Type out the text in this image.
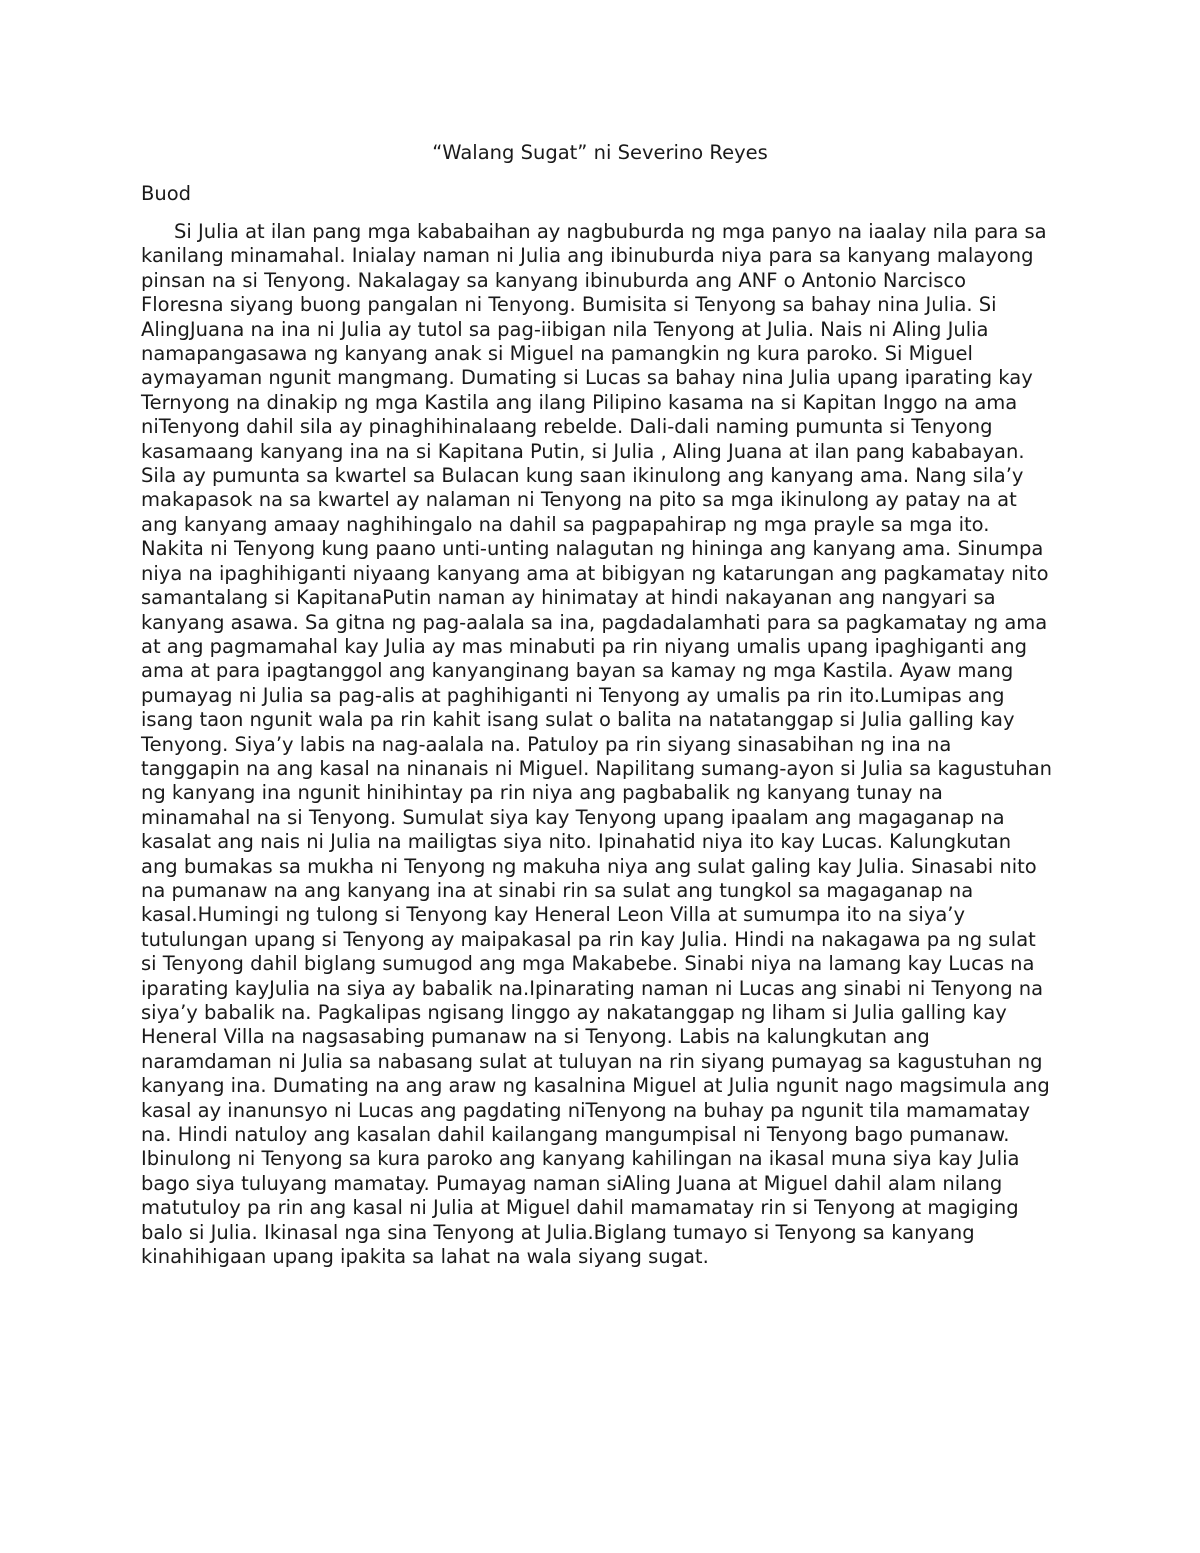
“Walang Sugat” ni Severino Reyes
Buod
Si Julia at ilan pang mga kababaihan ay nagbuburda ng mga panyo na iaalay nila para sa
kanilang minamahal. Inialay naman ni Julia ang ibinuburda niya para sa kanyang malayong
pinsan na si Tenyong. Nakalagay sa kanyang ibinuburda ang ANF o Antonio Narcisco
Floresna siyang buong pangalan ni Tenyong. Bumisita si Tenyong sa bahay nina Julia. Si
AlingJuana na ina ni Julia ay tutol sa pag-iibigan nila Tenyong at Julia. Nais ni Aling Julia
namapangasawa ng kanyang anak si Miguel na pamangkin ng kura paroko. Si Miguel
aymayaman ngunit mangmang. Dumating si Lucas sa bahay nina Julia upang iparating kay
Ternyong na dinakip ng mga Kastila ang ilang Pilipino kasama na si Kapitan Inggo na ama
niTenyong dahil sila ay pinaghihinalaang rebelde. Dali-dali naming pumunta si Tenyong
kasamaang kanyang ina na si Kapitana Putin, si Julia , Aling Juana at ilan pang kababayan.
Sila ay pumunta sa kwartel sa Bulacan kung saan ikinulong ang kanyang ama. Nang sila’y
makapasok na sa kwartel ay nalaman ni Tenyong na pito sa mga ikinulong ay patay na at
ang kanyang amaay naghihingalo na dahil sa pagpapahirap ng mga prayle sa mga ito.
Nakita ni Tenyong kung paano unti-unting nalagutan ng hininga ang kanyang ama. Sinumpa
niya na ipaghihiganti niyaang kanyang ama at bibigyan ng katarungan ang pagkamatay nito
samantalang si KapitanaPutin naman ay hinimatay at hindi nakayanan ang nangyari sa
kanyang asawa. Sa gitna ng pag-aalala sa ina, pagdadalamhati para sa pagkamatay ng ama
at ang pagmamahal kay Julia ay mas minabuti pa rin niyang umalis upang ipaghiganti ang
ama at para ipagtanggol ang kanyanginang bayan sa kamay ng mga Kastila. Ayaw mang
pumayag ni Julia sa pag-alis at paghihiganti ni Tenyong ay umalis pa rin ito.Lumipas ang
isang taon ngunit wala pa rin kahit isang sulat o balita na natatanggap si Julia galling kay
Tenyong. Siya’y labis na nag-aalala na. Patuloy pa rin siyang sinasabihan ng ina na
tanggapin na ang kasal na ninanais ni Miguel. Napilitang sumang-ayon si Julia sa kagustuhan
ng kanyang ina ngunit hinihintay pa rin niya ang pagbabalik ng kanyang tunay na
minamahal na si Tenyong. Sumulat siya kay Tenyong upang ipaalam ang magaganap na
kasalat ang nais ni Julia na mailigtas siya nito. Ipinahatid niya ito kay Lucas. Kalungkutan
ang bumakas sa mukha ni Tenyong ng makuha niya ang sulat galing kay Julia. Sinasabi nito
na pumanaw na ang kanyang ina at sinabi rin sa sulat ang tungkol sa magaganap na
kasal.Humingi ng tulong si Tenyong kay Heneral Leon Villa at sumumpa ito na siya’y
tutulungan upang si Tenyong ay maipakasal pa rin kay Julia. Hindi na nakagawa pa ng sulat
si Tenyong dahil biglang sumugod ang mga Makabebe. Sinabi niya na lamang kay Lucas na
iparating kayJulia na siya ay babalik na.Ipinarating naman ni Lucas ang sinabi ni Tenyong na
siya’y babalik na. Pagkalipas ngisang linggo ay nakatanggap ng liham si Julia galling kay
Heneral Villa na nagsasabing pumanaw na si Tenyong. Labis na kalungkutan ang
naramdaman ni Julia sa nabasang sulat at tuluyan na rin siyang pumayag sa kagustuhan ng
kanyang ina. Dumating na ang araw ng kasalnina Miguel at Julia ngunit nago magsimula ang
kasal ay inanunsyo ni Lucas ang pagdating niTenyong na buhay pa ngunit tila mamamatay
na. Hindi natuloy ang kasalan dahil kailangang mangumpisal ni Tenyong bago pumanaw.
Ibinulong ni Tenyong sa kura paroko ang kanyang kahilingan na ikasal muna siya kay Julia
bago siya tuluyang mamatay. Pumayag naman siAling Juana at Miguel dahil alam nilang
matutuloy pa rin ang kasal ni Julia at Miguel dahil mamamatay rin si Tenyong at magiging
balo si Julia. Ikinasal nga sina Tenyong at Julia.Biglang tumayo si Tenyong sa kanyang
kinahihigaan upang ipakita sa lahat na wala siyang sugat.
